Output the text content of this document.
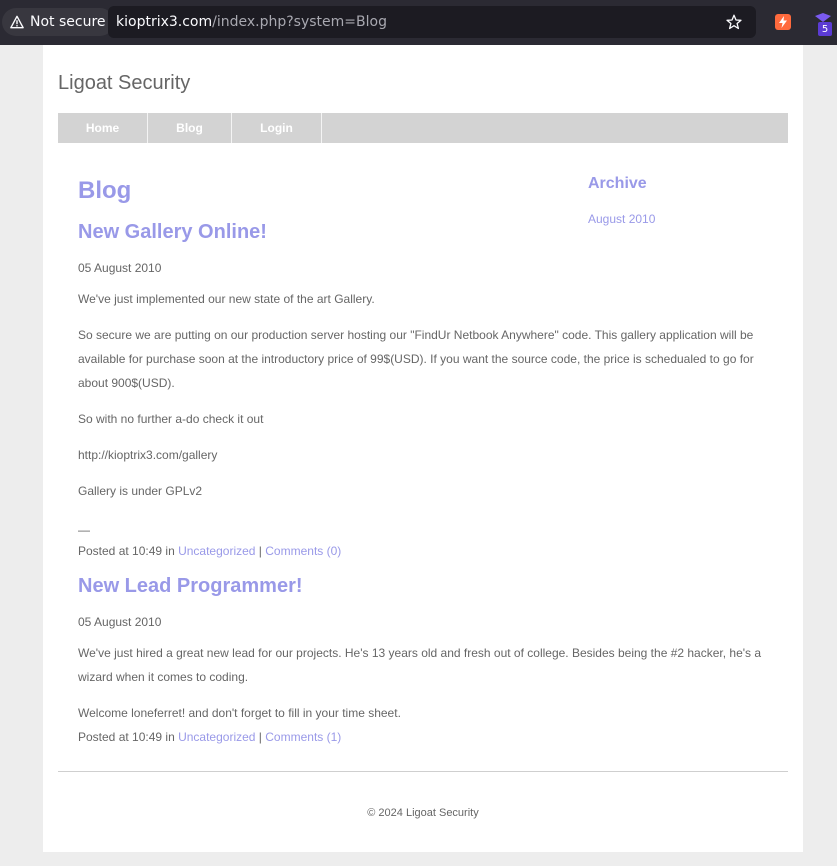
Not secure kioptrix3.com/index.php?system=Blog	5
Ligoat Security
Home	Blog	Login
Blog
New Gallery Online!
05 August 2010
We've just implemented our new state of the art Gallery.
So secure we are putting on our production server hosting our "FindUr Netbook Anywhere" code. This gallery application will be available for purchase soon at the introductory price of 99$(USD). If you want the source code, the price is schedualed to go for about 900$(USD).
So with no further a-do check it out
http://kioptrix3.com/gallery
Gallery is under GPLv2
—
Posted at 10:49 in Uncategorized | Comments (0)
New Lead Programmer!
05 August 2010
We've just hired a great new lead for our projects. He's 13 years old and fresh out of college. Besides being the #2 hacker, he's a wizard when it comes to coding.
Welcome loneferret! and don't forget to fill in your time sheet.
Posted at 10:49 in Uncategorized | Comments (1)
Archive
August 2010
© 2024 Ligoat Security
